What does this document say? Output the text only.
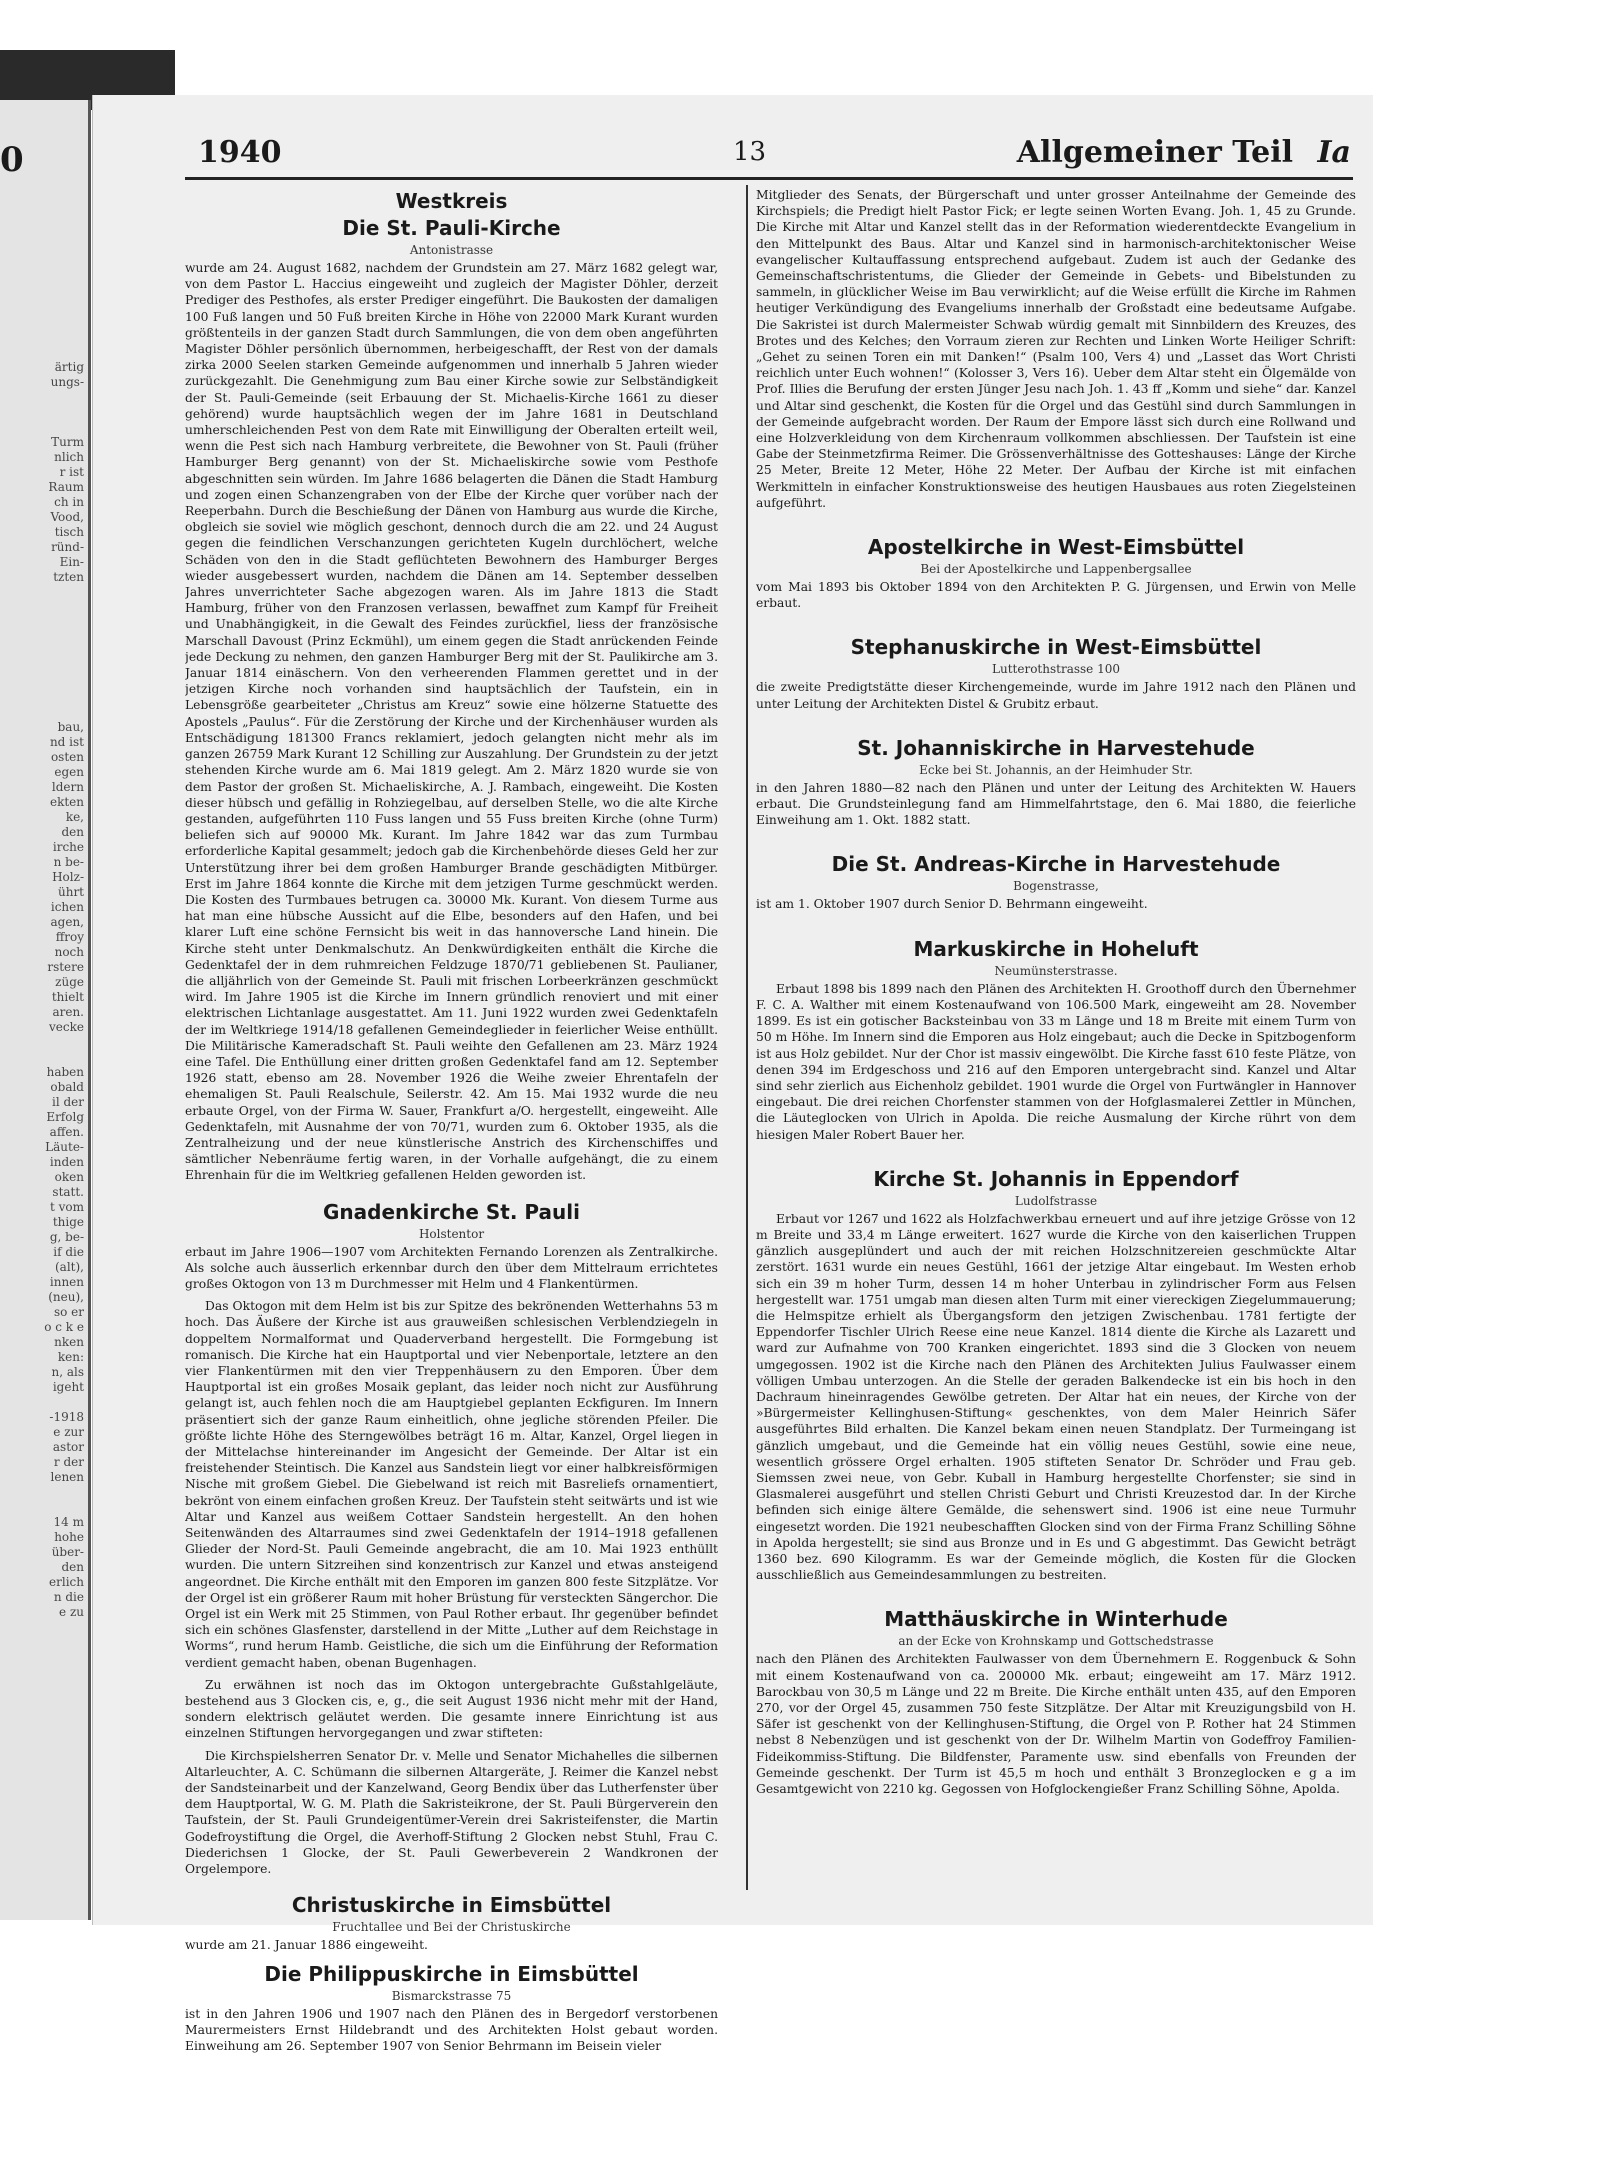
0
ärtig
ungs-
Turm
nlich
r ist
Raum
ch in
Vood,
tisch
ründ-
Ein-
tzten
bau,
nd ist
osten
egen
ldern
ekten
ke,
den
irche
n be-
Holz-
ührt
ichen
agen,
ffroy
noch
rstere
züge
thielt
aren.
vecke
haben
obald
il der
Erfolg
affen.
Läute-
inden
oken
statt.
t vom
thige
g, be-
if die
(alt),
innen
(neu),
so er
o c k e
nken
ken:
n, als
igeht
-1918
e zur
astor
r der
lenen
14 m
hohe
über-
den
erlich
n die
e zu
1940	13	Allgemeiner Teil Ia
Westkreis
Die St. Pauli-Kirche
Antonistrasse

wurde am 24. August 1682, nachdem der Grundstein am 27. März 1682 gelegt war, von dem Pastor L. Haccius eingeweiht und zugleich der Magister Döhler, derzeit Prediger des Pesthofes, als erster Prediger eingeführt. Die Baukosten der damaligen 100 Fuß langen und 50 Fuß breiten Kirche in Höhe von 22000 Mark Kurant wurden größtenteils in der ganzen Stadt durch Sammlungen, die von dem oben angeführten Magister Döhler persönlich übernommen, herbeigeschafft, der Rest von der damals zirka 2000 Seelen starken Gemeinde aufgenommen und innerhalb 5 Jahren wieder zurückgezahlt. Die Genehmigung zum Bau einer Kirche sowie zur Selbständigkeit der St. Pauli-Gemeinde (seit Erbauung der St. Michaelis-Kirche 1661 zu dieser gehörend) wurde hauptsächlich wegen der im Jahre 1681 in Deutschland umherschleichenden Pest von dem Rate mit Einwilligung der Oberalten erteilt weil, wenn die Pest sich nach Hamburg verbreitete, die Bewohner von St. Pauli (früher Hamburger Berg genannt) von der St. Michaeliskirche sowie vom Pesthofe abgeschnitten sein würden. Im Jahre 1686 belagerten die Dänen die Stadt Hamburg und zogen einen Schanzengraben von der Elbe der Kirche quer vorüber nach der Reeperbahn. Durch die Beschießung der Dänen von Hamburg aus wurde die Kirche, obgleich sie soviel wie möglich geschont, dennoch durch die am 22. und 24 August gegen die feindlichen Verschanzungen gerichteten Kugeln durchlöchert, welche Schäden von den in die Stadt geflüchteten Bewohnern des Hamburger Berges wieder ausgebessert wurden, nachdem die Dänen am 14. September desselben Jahres unverrichteter Sache abgezogen waren. Als im Jahre 1813 die Stadt Hamburg, früher von den Franzosen verlassen, bewaffnet zum Kampf für Freiheit und Unabhängigkeit, in die Gewalt des Feindes zurückfiel, liess der französische Marschall Davoust (Prinz Eckmühl), um einem gegen die Stadt anrückenden Feinde jede Deckung zu nehmen, den ganzen Hamburger Berg mit der St. Paulikirche am 3. Januar 1814 einäschern. Von den verheerenden Flammen gerettet und in der jetzigen Kirche noch vorhanden sind hauptsächlich der Taufstein, ein in Lebensgröße gearbeiteter „Christus am Kreuz“ sowie eine hölzerne Statuette des Apostels „Paulus“. Für die Zerstörung der Kirche und der Kirchenhäuser wurden als Entschädigung 181300 Francs reklamiert, jedoch gelangten nicht mehr als im ganzen 26759 Mark Kurant 12 Schilling zur Auszahlung. Der Grundstein zu der jetzt stehenden Kirche wurde am 6. Mai 1819 gelegt. Am 2. März 1820 wurde sie von dem Pastor der großen St. Michaeliskirche, A. J. Rambach, eingeweiht. Die Kosten dieser hübsch und gefällig in Rohziegelbau, auf derselben Stelle, wo die alte Kirche gestanden, aufgeführten 110 Fuss langen und 55 Fuss breiten Kirche (ohne Turm) beliefen sich auf 90000 Mk. Kurant. Im Jahre 1842 war das zum Turmbau erforderliche Kapital gesammelt; jedoch gab die Kirchenbehörde dieses Geld her zur Unterstützung ihrer bei dem großen Hamburger Brande geschädigten Mitbürger. Erst im Jahre 1864 konnte die Kirche mit dem jetzigen Turme geschmückt werden. Die Kosten des Turmbaues betrugen ca. 30000 Mk. Kurant. Von diesem Turme aus hat man eine hübsche Aussicht auf die Elbe, besonders auf den Hafen, und bei klarer Luft eine schöne Fernsicht bis weit in das hannoversche Land hinein. Die Kirche steht unter Denkmalschutz. An Denkwürdigkeiten enthält die Kirche die Gedenktafel der in dem ruhmreichen Feldzuge 1870/71 gebliebenen St. Paulianer, die alljährlich von der Gemeinde St. Pauli mit frischen Lorbeerkränzen geschmückt wird. Im Jahre 1905 ist die Kirche im Innern gründlich renoviert und mit einer elektrischen Lichtanlage ausgestattet. Am 11. Juni 1922 wurden zwei Gedenktafeln der im Weltkriege 1914/18 gefallenen Gemeindeglieder in feierlicher Weise enthüllt. Die Militärische Kameradschaft St. Pauli weihte den Gefallenen am 23. März 1924 eine Tafel. Die Enthüllung einer dritten großen Gedenktafel fand am 12. September 1926 statt, ebenso am 28. November 1926 die Weihe zweier Ehrentafeln der ehemaligen St. Pauli Realschule, Seilerstr. 42. Am 15. Mai 1932 wurde die neu erbaute Orgel, von der Firma W. Sauer, Frankfurt a/O. hergestellt, eingeweiht. Alle Gedenktafeln, mit Ausnahme der von 70/71, wurden zum 6. Oktober 1935, als die Zentralheizung und der neue künstlerische Anstrich des Kirchenschiffes und sämtlicher Nebenräume fertig waren, in der Vorhalle aufgehängt, die zu einem Ehrenhain für die im Weltkrieg gefallenen Helden geworden ist.

Gnadenkirche St. Pauli
Holstentor

erbaut im Jahre 1906—1907 vom Architekten Fernando Lorenzen als Zentralkirche. Als solche auch äusserlich erkennbar durch den über dem Mittelraum errichtetes großes Oktogon von 13 m Durchmesser mit Helm und 4 Flankentürmen.

Das Oktogon mit dem Helm ist bis zur Spitze des bekrönenden Wetterhahns 53 m hoch. Das Äußere der Kirche ist aus grauweißen schlesischen Verblendziegeln in doppeltem Normalformat und Quaderverband hergestellt. Die Formgebung ist romanisch. Die Kirche hat ein Hauptportal und vier Nebenportale, letztere an den vier Flankentürmen mit den vier Treppenhäusern zu den Emporen. Über dem Hauptportal ist ein großes Mosaik geplant, das leider noch nicht zur Ausführung gelangt ist, auch fehlen noch die am Hauptgiebel geplanten Eckfiguren. Im Innern präsentiert sich der ganze Raum einheitlich, ohne jegliche störenden Pfeiler. Die größte lichte Höhe des Sterngewölbes beträgt 16 m. Altar, Kanzel, Orgel liegen in der Mittelachse hintereinander im Angesicht der Gemeinde. Der Altar ist ein freistehender Steintisch. Die Kanzel aus Sandstein liegt vor einer halbkreisförmigen Nische mit großem Giebel. Die Giebelwand ist reich mit Basreliefs ornamentiert, bekrönt von einem einfachen großen Kreuz. Der Taufstein steht seitwärts und ist wie Altar und Kanzel aus weißem Cottaer Sandstein hergestellt. An den hohen Seitenwänden des Altarraumes sind zwei Gedenktafeln der 1914–1918 gefallenen Glieder der Nord-St. Pauli Gemeinde angebracht, die am 10. Mai 1923 enthüllt wurden. Die untern Sitzreihen sind konzentrisch zur Kanzel und etwas ansteigend angeordnet. Die Kirche enthält mit den Emporen im ganzen 800 feste Sitzplätze. Vor der Orgel ist ein größerer Raum mit hoher Brüstung für versteckten Sängerchor. Die Orgel ist ein Werk mit 25 Stimmen, von Paul Rother erbaut. Ihr gegenüber befindet sich ein schönes Glasfenster, darstellend in der Mitte „Luther auf dem Reichstage in Worms“, rund herum Hamb. Geistliche, die sich um die Einführung der Reformation verdient gemacht haben, obenan Bugenhagen.

Zu erwähnen ist noch das im Oktogon untergebrachte Gußstahlgeläute, bestehend aus 3 Glocken cis, e, g., die seit August 1936 nicht mehr mit der Hand, sondern elektrisch geläutet werden. Die gesamte innere Einrichtung ist aus einzelnen Stiftungen hervorgegangen und zwar stifteten:

Die Kirchspielsherren Senator Dr. v. Melle und Senator Michahelles die silbernen Altarleuchter, A. C. Schümann die silbernen Altargeräte, J. Reimer die Kanzel nebst der Sandsteinarbeit und der Kanzelwand, Georg Bendix über das Lutherfenster über dem Hauptportal, W. G. M. Plath die Sakristeikrone, der St. Pauli Bürgerverein den Taufstein, der St. Pauli Grundeigentümer-Verein drei Sakristeifenster, die Martin Godefroystiftung die Orgel, die Averhoff-Stiftung 2 Glocken nebst Stuhl, Frau C. Diederichsen 1 Glocke, der St. Pauli Gewerbeverein 2 Wandkronen der Orgelempore.

Christuskirche in Eimsbüttel
Fruchtallee und Bei der Christuskirche

wurde am 21. Januar 1886 eingeweiht.

Die Philippuskirche in Eimsbüttel
Bismarckstrasse 75

ist in den Jahren 1906 und 1907 nach den Plänen des in Bergedorf verstorbenen Maurermeisters Ernst Hildebrandt und des Architekten Holst gebaut worden. Einweihung am 26. September 1907 von Senior Behrmann im Beisein vieler

Mitglieder des Senats, der Bürgerschaft und unter grosser Anteilnahme der Gemeinde des Kirchspiels; die Predigt hielt Pastor Fick; er legte seinen Worten Evang. Joh. 1, 45 zu Grunde. Die Kirche mit Altar und Kanzel stellt das in der Reformation wiederentdeckte Evangelium in den Mittelpunkt des Baus. Altar und Kanzel sind in harmonisch-architektonischer Weise evangelischer Kultauffassung entsprechend aufgebaut. Zudem ist auch der Gedanke des Gemeinschaftschristentums, die Glieder der Gemeinde in Gebets- und Bibelstunden zu sammeln, in glücklicher Weise im Bau verwirklicht; auf die Weise erfüllt die Kirche im Rahmen heutiger Verkündigung des Evangeliums innerhalb der Großstadt eine bedeutsame Aufgabe. Die Sakristei ist durch Malermeister Schwab würdig gemalt mit Sinnbildern des Kreuzes, des Brotes und des Kelches; den Vorraum zieren zur Rechten und Linken Worte Heiliger Schrift: „Gehet zu seinen Toren ein mit Danken!“ (Psalm 100, Vers 4) und „Lasset das Wort Christi reichlich unter Euch wohnen!“ (Kolosser 3, Vers 16). Ueber dem Altar steht ein Ölgemälde von Prof. Illies die Berufung der ersten Jünger Jesu nach Joh. 1. 43 ff „Komm und siehe“ dar. Kanzel und Altar sind geschenkt, die Kosten für die Orgel und das Gestühl sind durch Sammlungen in der Gemeinde aufgebracht worden. Der Raum der Empore lässt sich durch eine Rollwand und eine Holzverkleidung von dem Kirchenraum vollkommen abschliessen. Der Taufstein ist eine Gabe der Steinmetzfirma Reimer. Die Grössenverhältnisse des Gotteshauses: Länge der Kirche 25 Meter, Breite 12 Meter, Höhe 22 Meter. Der Aufbau der Kirche ist mit einfachen Werkmitteln in einfacher Konstruktionsweise des heutigen Hausbaues aus roten Ziegelsteinen aufgeführt.

Apostelkirche in West-Eimsbüttel
Bei der Apostelkirche und Lappenbergsallee

vom Mai 1893 bis Oktober 1894 von den Architekten P. G. Jürgensen, und Erwin von Melle erbaut.

Stephanuskirche in West-Eimsbüttel
Lutterothstrasse 100

die zweite Predigtstätte dieser Kirchengemeinde, wurde im Jahre 1912 nach den Plänen und unter Leitung der Architekten Distel & Grubitz erbaut.

St. Johanniskirche in Harvestehude
Ecke bei St. Johannis, an der Heimhuder Str.

in den Jahren 1880—82 nach den Plänen und unter der Leitung des Architekten W. Hauers erbaut. Die Grundsteinlegung fand am Himmelfahrtstage, den 6. Mai 1880, die feierliche Einweihung am 1. Okt. 1882 statt.

Die St. Andreas-Kirche in Harvestehude
Bogenstrasse,

ist am 1. Oktober 1907 durch Senior D. Behrmann eingeweiht.

Markuskirche in Hoheluft
Neumünsterstrasse.

Erbaut 1898 bis 1899 nach den Plänen des Architekten H. Groothoff durch den Übernehmer F. C. A. Walther mit einem Kostenaufwand von 106.500 Mark, eingeweiht am 28. November 1899. Es ist ein gotischer Backsteinbau von 33 m Länge und 18 m Breite mit einem Turm von 50 m Höhe. Im Innern sind die Emporen aus Holz eingebaut; auch die Decke in Spitzbogenform ist aus Holz gebildet. Nur der Chor ist massiv eingewölbt. Die Kirche fasst 610 feste Plätze, von denen 394 im Erdgeschoss und 216 auf den Emporen untergebracht sind. Kanzel und Altar sind sehr zierlich aus Eichenholz gebildet. 1901 wurde die Orgel von Furtwängler in Hannover eingebaut. Die drei reichen Chorfenster stammen von der Hofglasmalerei Zettler in München, die Läuteglocken von Ulrich in Apolda. Die reiche Ausmalung der Kirche rührt von dem hiesigen Maler Robert Bauer her.

Kirche St. Johannis in Eppendorf
Ludolfstrasse

Erbaut vor 1267 und 1622 als Holzfachwerkbau erneuert und auf ihre jetzige Grösse von 12 m Breite und 33,4 m Länge erweitert. 1627 wurde die Kirche von den kaiserlichen Truppen gänzlich ausgeplündert und auch der mit reichen Holzschnitzereien geschmückte Altar zerstört. 1631 wurde ein neues Gestühl, 1661 der jetzige Altar eingebaut. Im Westen erhob sich ein 39 m hoher Turm, dessen 14 m hoher Unterbau in zylindrischer Form aus Felsen hergestellt war. 1751 umgab man diesen alten Turm mit einer viereckigen Ziegelummauerung; die Helmspitze erhielt als Übergangsform den jetzigen Zwischenbau. 1781 fertigte der Eppendorfer Tischler Ulrich Reese eine neue Kanzel. 1814 diente die Kirche als Lazarett und ward zur Aufnahme von 700 Kranken eingerichtet. 1893 sind die 3 Glocken von neuem umgegossen. 1902 ist die Kirche nach den Plänen des Architekten Julius Faulwasser einem völligen Umbau unterzogen. An die Stelle der geraden Balkendecke ist ein bis hoch in den Dachraum hineinragendes Gewölbe getreten. Der Altar hat ein neues, der Kirche von der »Bürgermeister Kellinghusen-Stiftung« geschenktes, von dem Maler Heinrich Säfer ausgeführtes Bild erhalten. Die Kanzel bekam einen neuen Standplatz. Der Turmeingang ist gänzlich umgebaut, und die Gemeinde hat ein völlig neues Gestühl, sowie eine neue, wesentlich grössere Orgel erhalten. 1905 stifteten Senator Dr. Schröder und Frau geb. Siemssen zwei neue, von Gebr. Kuball in Hamburg hergestellte Chorfenster; sie sind in Glasmalerei ausgeführt und stellen Christi Geburt und Christi Kreuzestod dar. In der Kirche befinden sich einige ältere Gemälde, die sehenswert sind. 1906 ist eine neue Turmuhr eingesetzt worden. Die 1921 neubeschafften Glocken sind von der Firma Franz Schilling Söhne in Apolda hergestellt; sie sind aus Bronze und in Es und G abgestimmt. Das Gewicht beträgt 1360 bez. 690 Kilogramm. Es war der Gemeinde möglich, die Kosten für die Glocken ausschließlich aus Gemeindesammlungen zu bestreiten.

Matthäuskirche in Winterhude
an der Ecke von Krohnskamp und Gottschedstrasse

nach den Plänen des Architekten Faulwasser von dem Übernehmern E. Roggenbuck & Sohn mit einem Kostenaufwand von ca. 200000 Mk. erbaut; eingeweiht am 17. März 1912. Barockbau von 30,5 m Länge und 22 m Breite. Die Kirche enthält unten 435, auf den Emporen 270, vor der Orgel 45, zusammen 750 feste Sitzplätze. Der Altar mit Kreuzigungsbild von H. Säfer ist geschenkt von der Kellinghusen-Stiftung, die Orgel von P. Rother hat 24 Stimmen nebst 8 Nebenzügen und ist geschenkt von der Dr. Wilhelm Martin von Godeffroy Familien-Fideikommiss-Stiftung. Die Bildfenster, Paramente usw. sind ebenfalls von Freunden der Gemeinde geschenkt. Der Turm ist 45,5 m hoch und enthält 3 Bronzeglocken e g a im Gesamtgewicht von 2210 kg. Gegossen von Hofglockengießer Franz Schilling Söhne, Apolda.
